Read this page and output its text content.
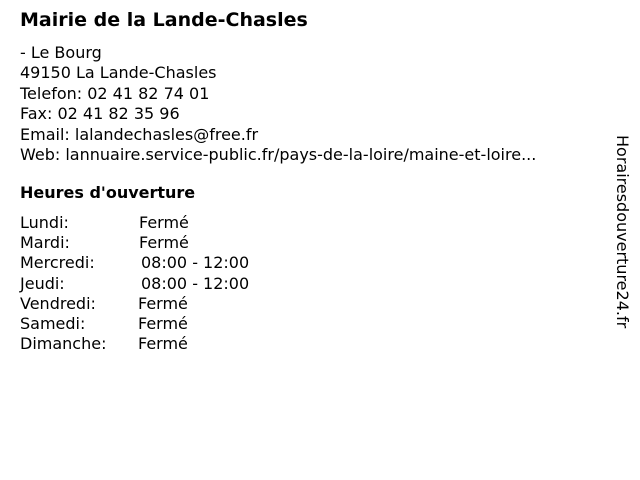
Mairie de la Lande-Chasles
- Le Bourg
49150 La Lande-Chasles
Telefon: 02 41 82 74 01
Fax: 02 41 82 35 96
Email: lalandechasles@free.fr
Web: lannuaire.service-public.fr/pays-de-la-loire/maine-et-loire...
Heures d'ouverture
Lundi:	Fermé
Mardi:	Fermé
Mercredi:	08:00 - 12:00
Jeudi:	08:00 - 12:00
Vendredi:	Fermé
Samedi:	Fermé
Dimanche: Fermé
Horairesdouverture24.fr
